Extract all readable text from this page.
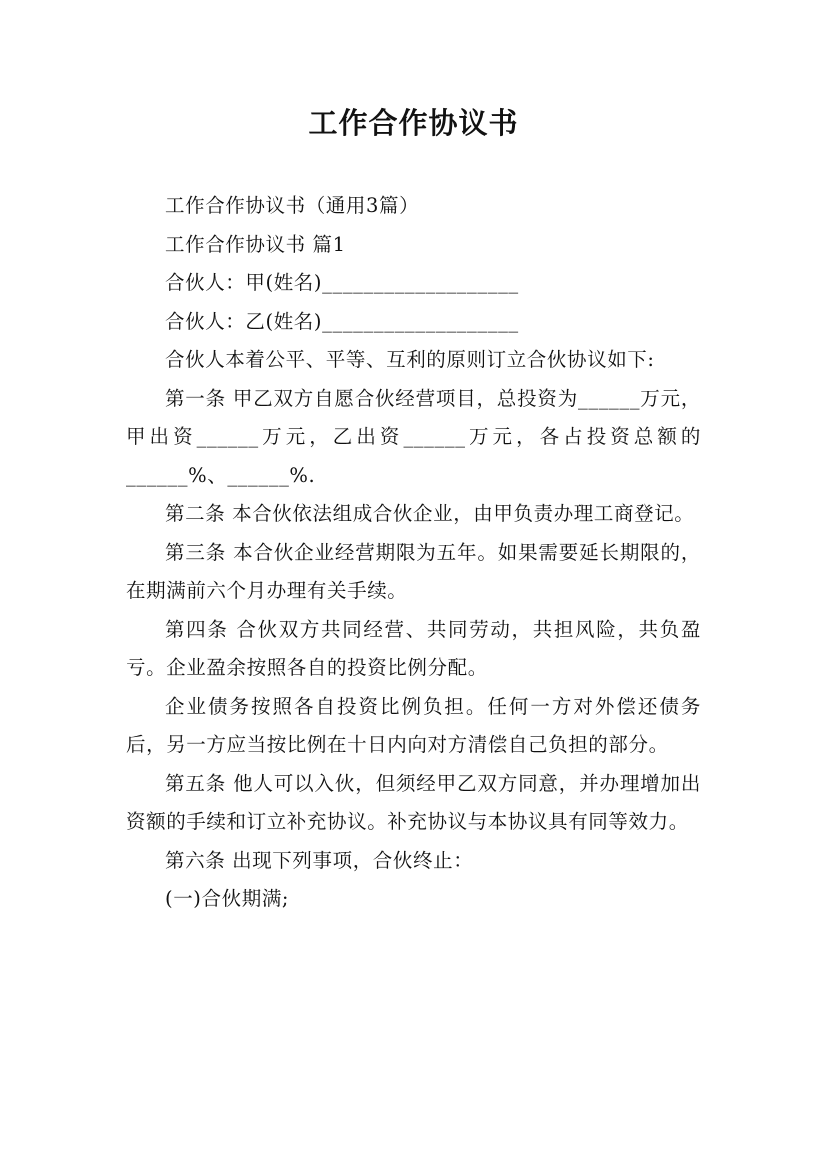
工作合作协议书

工作合作协议书（通用3篇）

工作合作协议书 篇1

合伙人：甲(姓名)___________________

合伙人：乙(姓名)___________________

合伙人本着公平、平等、互利的原则订立合伙协议如下:

第一条 甲乙双方自愿合伙经营项目，总投资为______万元，甲出资______万元，乙出资______万元，各占投资总额的______%、______%.

第二条 本合伙依法组成合伙企业，由甲负责办理工商登记。

第三条 本合伙企业经营期限为五年。如果需要延长期限的，在期满前六个月办理有关手续。

第四条 合伙双方共同经营、共同劳动，共担风险，共负盈亏。企业盈余按照各自的投资比例分配。

企业债务按照各自投资比例负担。任何一方对外偿还债务后，另一方应当按比例在十日内向对方清偿自己负担的部分。

第五条 他人可以入伙，但须经甲乙双方同意，并办理增加出资额的手续和订立补充协议。补充协议与本协议具有同等效力。

第六条 出现下列事项，合伙终止：

(一)合伙期满;
